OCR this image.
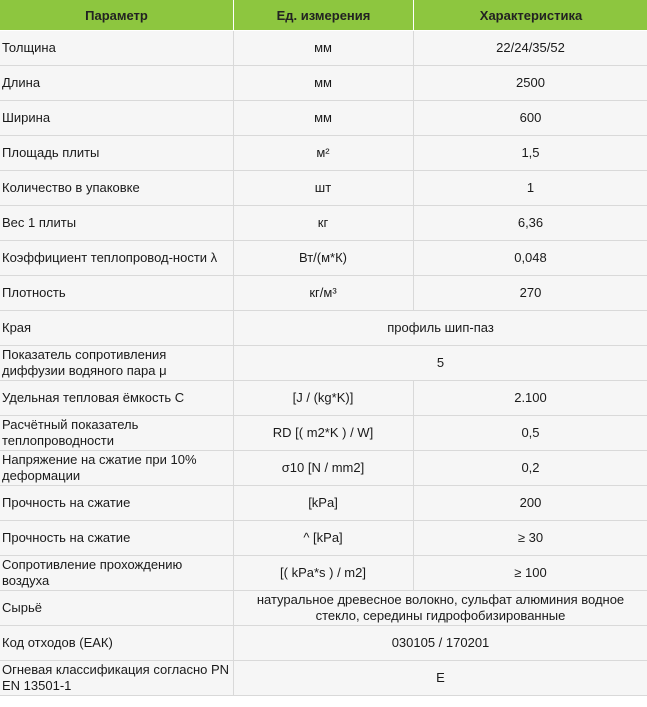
Параметр	Ед. измерения	Характеристика
Толщина	мм	22/24/35/52
Длина	мм	2500
Ширина	мм	600
Площадь плиты	м²	1,5
Количество в упаковке	шт	1
Вес 1 плиты	кг	6,36
Коэффициент теплопровод-ности λ	Вт/(м*К)	0,048
Плотность	кг/м³	270
Края	профиль шип-паз	
Показатель сопротивления диффузии водяного пара μ	5	
Удельная тепловая ёмкость С	[J / (kg*K)]	2.100
Расчётный показатель теплопроводности	RD [( m2*K ) / W]	0,5
Напряжение на сжатие при 10% деформации	σ10 [N / mm2]	0,2
Прочность на сжатие	[kPa]	200
Прочность на сжатие	^ [kPa]	≥ 30
Сопротивление прохождению воздуха	[( kPa*s ) / m2]	≥ 100
Сырьё	натуральное древесное волокно, сульфат алюминия водное стекло, середины гидрофобизированные	
Код отходов (ЕАК)	030105 / 170201	
Огневая классификация согласно PN EN 13501-1	E	
